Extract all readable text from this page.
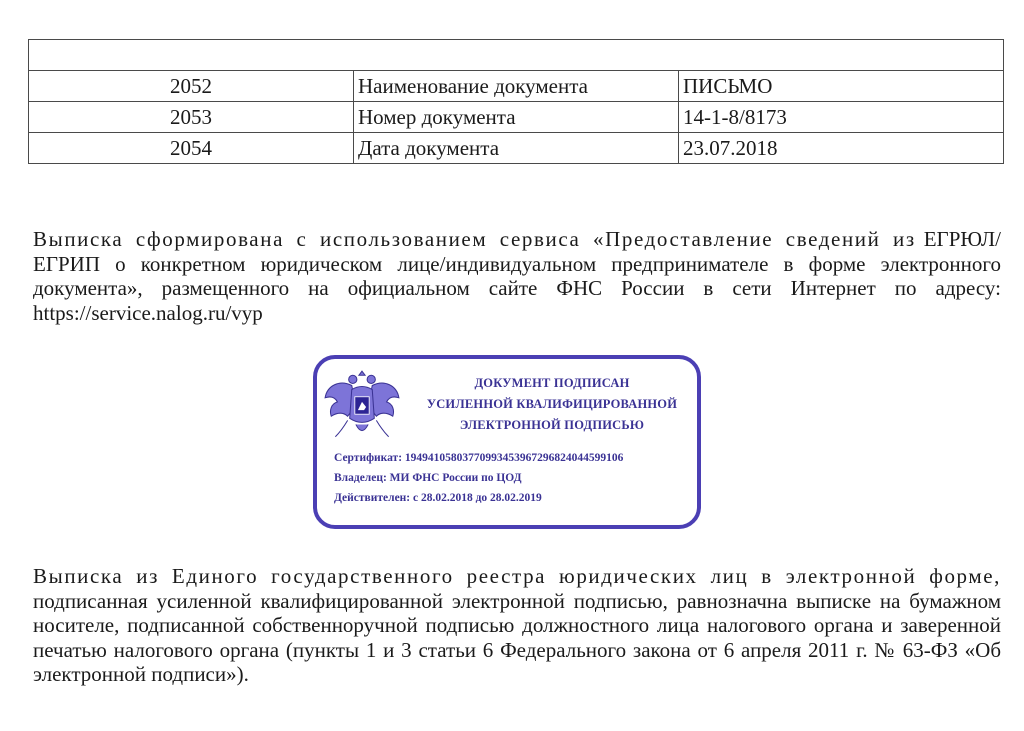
2052	Наименование документа	ПИСЬМО
2053	Номер документа	14-1-8/8173
2054	Дата документа	23.07.2018

Выписка сформирована с использованием сервиса «Предоставление сведений из ЕГРЮЛ/ЕГРИП о конкретном юридическом лице/индивидуальном предпринимателе в форме электронного документа», размещенного на официальном сайте ФНС России в сети Интернет по адресу: https://service.nalog.ru/vyp

ДОКУМЕНТ ПОДПИСАН
УСИЛЕННОЙ КВАЛИФИЦИРОВАННОЙ
ЭЛЕКТРОННОЙ ПОДПИСЬЮ
Сертификат: 19494105803770993453967296824044599106
Владелец: МИ ФНС России по ЦОД
Действителен: с 28.02.2018 до 28.02.2019

Выписка из Единого государственного реестра юридических лиц в электронной форме, подписанная усиленной квалифицированной электронной подписью, равнозначна выписке на бумажном носителе, подписанной собственноручной подписью должностного лица налогового органа и заверенной печатью налогового органа (пункты 1 и 3 статьи 6 Федерального закона от 6 апреля 2011 г. № 63-ФЗ «Об электронной подписи»).
